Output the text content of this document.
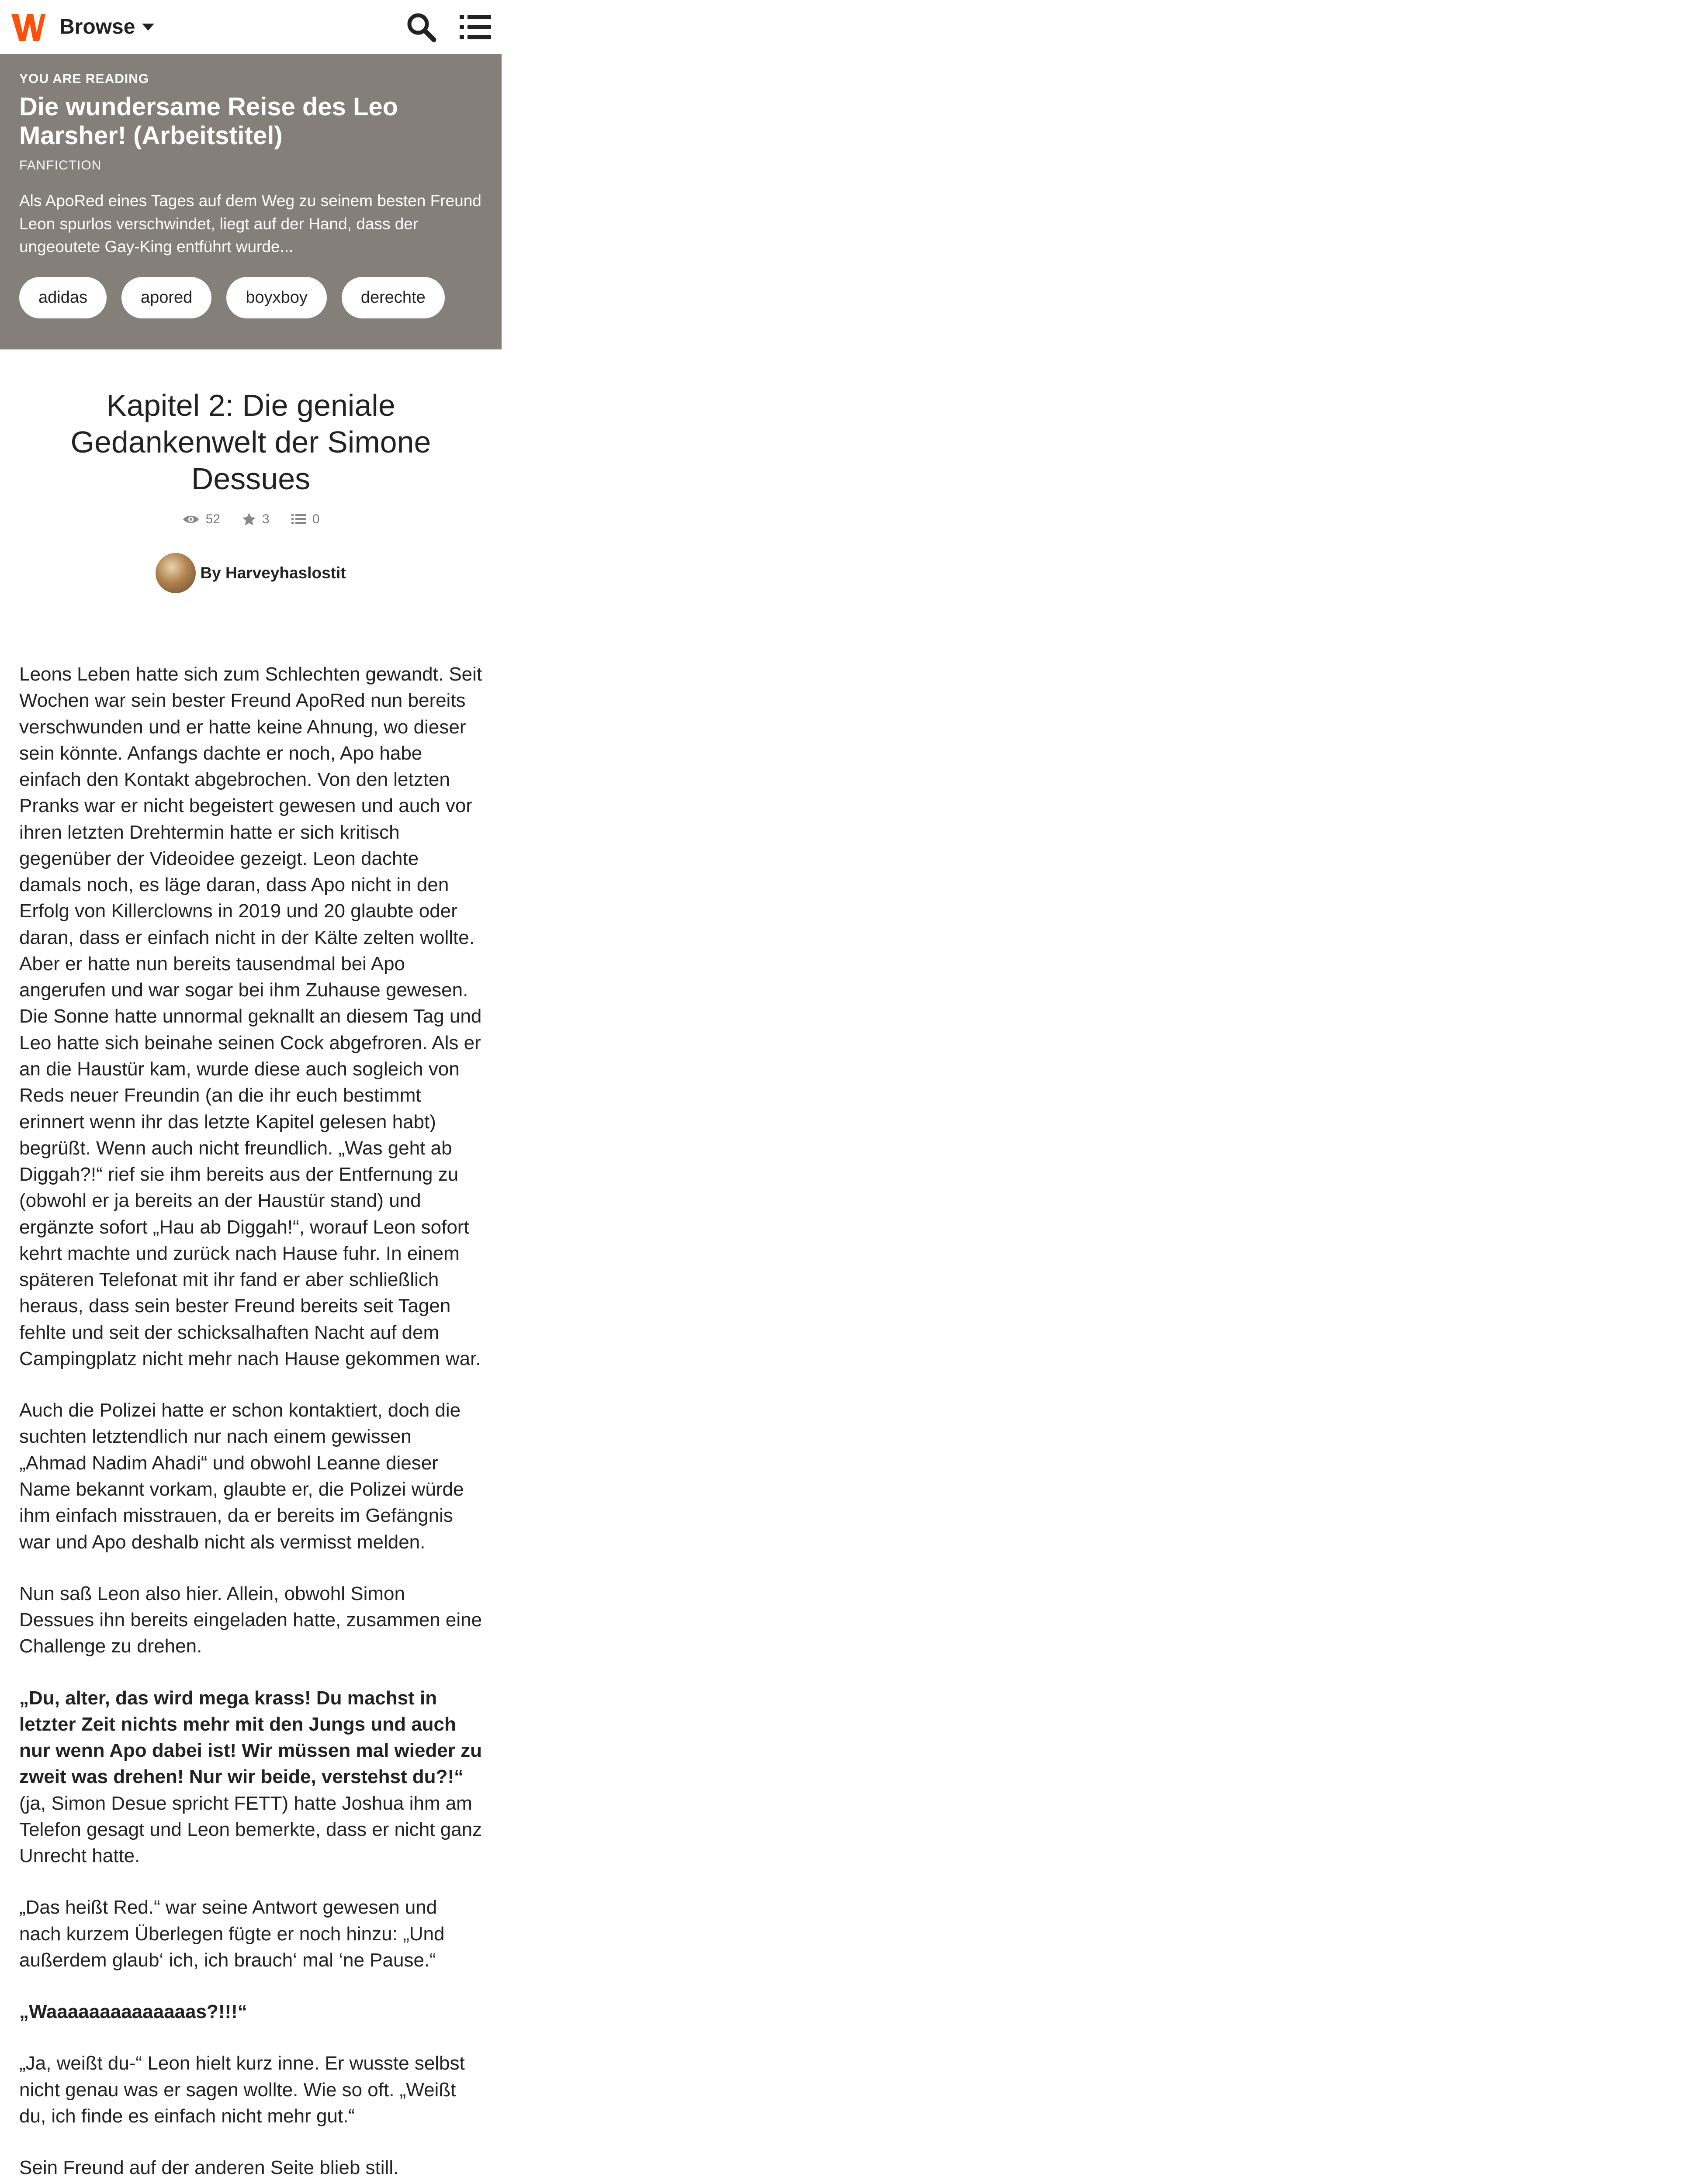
Browse
YOU ARE READING
Die wundersame Reise des Leo Marsher! (Arbeitstitel)
FANFICTION
Als ApoRed eines Tages auf dem Weg zu seinem besten Freund Leon spurlos verschwindet, liegt auf der Hand, dass der ungeoutete Gay-King entführt wurde...
adidas	apored	boyxboy	derechte
Kapitel 2: Die geniale Gedankenwelt der Simone Dessues
52	3	0
By Harveyhaslostit

Leons Leben hatte sich zum Schlechten gewandt. Seit Wochen war sein bester Freund ApoRed nun bereits verschwunden und er hatte keine Ahnung, wo dieser sein könnte. Anfangs dachte er noch, Apo habe einfach den Kontakt abgebrochen. Von den letzten Pranks war er nicht begeistert gewesen und auch vor ihren letzten Drehtermin hatte er sich kritisch gegenüber der Videoidee gezeigt. Leon dachte damals noch, es läge daran, dass Apo nicht in den Erfolg von Killerclowns in 2019 und 20 glaubte oder daran, dass er einfach nicht in der Kälte zelten wollte. Aber er hatte nun bereits tausendmal bei Apo angerufen und war sogar bei ihm Zuhause gewesen. Die Sonne hatte unnormal geknallt an diesem Tag und Leo hatte sich beinahe seinen Cock abgefroren. Als er an die Haustür kam, wurde diese auch sogleich von Reds neuer Freundin (an die ihr euch bestimmt erinnert wenn ihr das letzte Kapitel gelesen habt) begrüßt. Wenn auch nicht freundlich. „Was geht ab Diggah?!“ rief sie ihm bereits aus der Entfernung zu (obwohl er ja bereits an der Haustür stand) und ergänzte sofort „Hau ab Diggah!“, worauf Leon sofort kehrt machte und zurück nach Hause fuhr. In einem späteren Telefonat mit ihr fand er aber schließlich heraus, dass sein bester Freund bereits seit Tagen fehlte und seit der schicksalhaften Nacht auf dem Campingplatz nicht mehr nach Hause gekommen war.

Auch die Polizei hatte er schon kontaktiert, doch die suchten letztendlich nur nach einem gewissen „Ahmad Nadim Ahadi“ und obwohl Leanne dieser Name bekannt vorkam, glaubte er, die Polizei würde ihm einfach misstrauen, da er bereits im Gefängnis war und Apo deshalb nicht als vermisst melden.

Nun saß Leon also hier. Allein, obwohl Simon Dessues ihn bereits eingeladen hatte, zusammen eine Challenge zu drehen.

„Du, alter, das wird mega krass! Du machst in letzter Zeit nichts mehr mit den Jungs und auch nur wenn Apo dabei ist! Wir müssen mal wieder zu zweit was drehen! Nur wir beide, verstehst du?!“ (ja, Simon Desue spricht FETT) hatte Joshua ihm am Telefon gesagt und Leon bemerkte, dass er nicht ganz Unrecht hatte.

„Das heißt Red.“ war seine Antwort gewesen und nach kurzem Überlegen fügte er noch hinzu: „Und außerdem glaub‘ ich, ich brauch‘ mal ‘ne Pause.“

„Waaaaaaaaaaaaaas?!!!“

„Ja, weißt du-“ Leon hielt kurz inne. Er wusste selbst nicht genau was er sagen wollte. Wie so oft. „Weißt du, ich finde es einfach nicht mehr gut.“

Sein Freund auf der anderen Seite blieb still.
